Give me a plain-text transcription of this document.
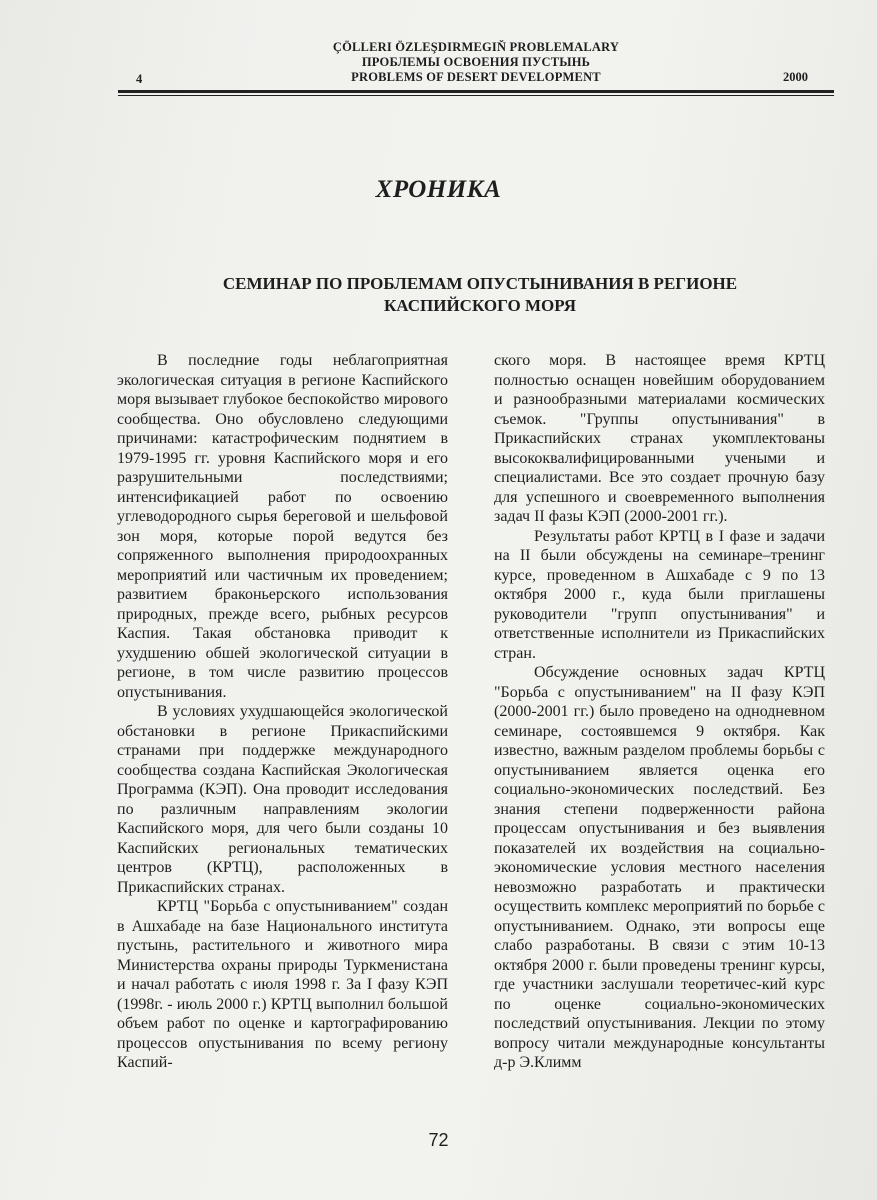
ÇÖLLERI ÖZLEŞDIRMEGIŇ PROBLEMALARY
ПРОБЛЕМЫ ОСВОЕНИЯ ПУСТЫНЬ
PROBLEMS OF DESERT DEVELOPMENT
4	2000
ХРОНИКА
СЕМИНАР ПО ПРОБЛЕМАМ ОПУСТЫНИВАНИЯ В РЕГИОНЕ КАСПИЙСКОГО МОРЯ

В последние годы неблагоприятная экологическая ситуация в регионе Каспийского моря вызывает глубокое беспокойство мирового сообщества. Оно обусловлено следующими причинами: катастрофическим поднятием в 1979-1995 гг. уровня Каспийского моря и его разрушительными последствиями; интенсификацией работ по освоению углеводородного сырья береговой и шельфовой зон моря, которые порой ведутся без сопряженного выполнения природоохранных мероприятий или частичным их проведением; развитием браконьерского использования природных, прежде всего, рыбных ресурсов Каспия. Такая обстановка приводит к ухудшению обшей экологической ситуации в регионе, в том числе развитию процессов опустынивания.

В условиях ухудшающейся экологической обстановки в регионе Прикаспийскими странами при поддержке международного сообщества создана Каспийская Экологическая Программа (КЭП). Она проводит исследования по различным направлениям экологии Каспийского моря, для чего были созданы 10 Каспийских региональных тематических центров (КРТЦ), расположенных в Прикаспийских странах.

КРТЦ "Борьба с опустыниванием" создан в Ашхабаде на базе Национального института пустынь, растительного и животного мира Министерства охраны природы Туркменистана и начал работать с июля 1998 г. За I фазу КЭП (1998г. - июль 2000 г.) КРТЦ выполнил большой объем работ по оценке и картографированию процессов опустынивания по всему региону Каспий-

ского моря. В настоящее время КРТЦ полностью оснащен новейшим оборудованием и разнообразными материалами космических съемок. "Группы опустынивания" в Прикаспийских странах укомплектованы высококвалифицированными учеными и специалистами. Все это создает прочную базу для успешного и своевременного выполнения задач II фазы КЭП (2000-2001 гг.).

Результаты работ КРТЦ в I фазе и задачи на II были обсуждены на семинаре–тренинг курсе, проведенном в Ашхабаде с 9 по 13 октября 2000 г., куда были приглашены руководители "групп опустынивания" и ответственные исполнители из Прикаспийских стран.

Обсуждение основных задач КРТЦ "Борьба с опустыниванием" на II фазу КЭП (2000-2001 гг.) было проведено на однодневном семинаре, состоявшемся 9 октября. Как известно, важным разделом проблемы борьбы с опустыниванием является оценка его социально-экономических последствий. Без знания степени подверженности района процессам опустынивания и без выявления показателей их воздействия на социально-экономические условия местного населения невозможно разработать и практически осуществить комплекс мероприятий по борьбе с опустыниванием. Однако, эти вопросы еще слабо разработаны. В связи с этим 10-13 октября 2000 г. были проведены тренинг курсы, где участники заслушали теоретичес-кий курс по оценке социально-экономических последствий опустынивания. Лекции по этому вопросу читали международные консультанты д-р Э.Климм

72
